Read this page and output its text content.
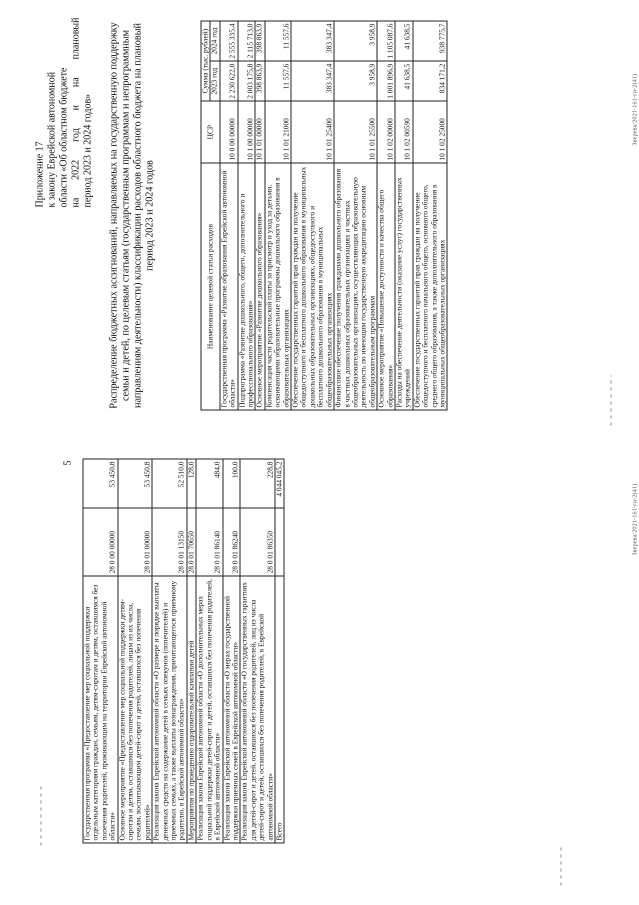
5
Государственная программа «Предоставление мер социальной поддержки отдельным категориям граждан, семьям, детям-сиротам и детям, оставшимся без попечения родителей, проживающим на территории Еврейской автономной области»	28 0 00 00000	53 450,8
Основное мероприятие «Предоставление мер социальной поддержки детям-сиротам и детям, оставшимся без попечения родителей, лицам из их числа, семьям, воспитывающим детей-сирот и детей, оставшихся без попечения родителей»	28 0 01 00000	53 450,8
Реализация закона Еврейской автономной области «О размере и порядке выплаты денежных средств на содержание детей в семьях опекунов (попечителей) и приемных семьях, а также выплаты вознаграждения, причитающегося приемному родителю, в Еврейской автономной области»	28 0 01 13150	52 510,0
Мероприятия по проведению оздоровительной кампании детей	28 0 01 70650	128,0
Реализация закона Еврейской автономной области «О дополнительных мерах социальной поддержки детей-сирот и детей, оставшихся без попечения родителей, в Еврейской автономной области»	28 0 01 86140	484,0
Реализация закона Еврейской автономной области «О мерах государственной поддержки приемных семей в Еврейской автономной области»	28 0 01 86240	100,0
Реализация закона Еврейской автономной области «О государственных гарантиях для детей-сирот и детей, оставшихся без попечения родителей, лиц из числа детей-сирот и детей, оставшихся без попечения родителей, в Еврейской автономной области»	28 0 01 86350	228,8
Всего		4 044 045,2
Зверева/2021-161-гн-2(41)
Приложение 17 к закону Еврейской автономной области «Об областном бюджете на 2022 год и на плановый период 2023 и 2024 годов» Распределение бюджетных ассигнований, направляемых на государственную поддержку семьи и детей, по целевым статьям (государственным программам и непрограммным направлениям деятельности) классификации расходов областного бюджета на плановый период 2023 и 2024 годов
Наименование целевой статьи расходов	ЦСР	Сумма (тыс. рублей)	
		2023 год	2024 год
Государственная программа «Развитие образования Еврейской автономной области»	10 0 00 00000	2 230 622,0	2 555 335,4
Подпрограмма «Развитие дошкольного, общего, дополнительного и профессионального образования»	10 1 00 00000	2 003 175,8	2 115 713,0
Основное мероприятие «Развитие дошкольного образования»	10 1 01 00000	398 863,9	398 863,9
Компенсация части родительской платы за присмотр и уход за детьми, осваивающими образовательные программы дошкольного образования в образовательных организациях	10 1 01 21000	11 557,6	11 557,6
Обеспечение государственных гарантий прав граждан на получение общедоступного и бесплатного дошкольного образования в муниципальных дошкольных образовательных организациях, общедоступного и бесплатного дошкольного образования в муниципальных общеобразовательных организациях	10 1 01 25400	383 347,4	383 347,4
Финансовое обеспечение получения гражданами дошкольного образования в частных дошкольных образовательных организациях и частных общеобразовательных организациях, осуществляющих образовательную деятельность по имеющим государственную аккредитацию основным общеобразовательным программам	10 1 01 25500	3 958,9	3 958,9
Основное мероприятие «Повышение доступности и качества общего образования»	10 1 02 00000	1 001 896,9	1 105 087,6
Расходы на обеспечение деятельности (оказание услуг) государственных учреждений	10 1 02 00590	41 638,5	41 638,5
Обеспечение государственных гарантий прав граждан на получение общедоступного и бесплатного начального общего, основного общего, среднего общего образования, а также дополнительного образования в муниципальных общеобразовательных организациях	10 1 02 25000	834 171,2	938 775,7
Зверева/2021-161-гн-2(41)
